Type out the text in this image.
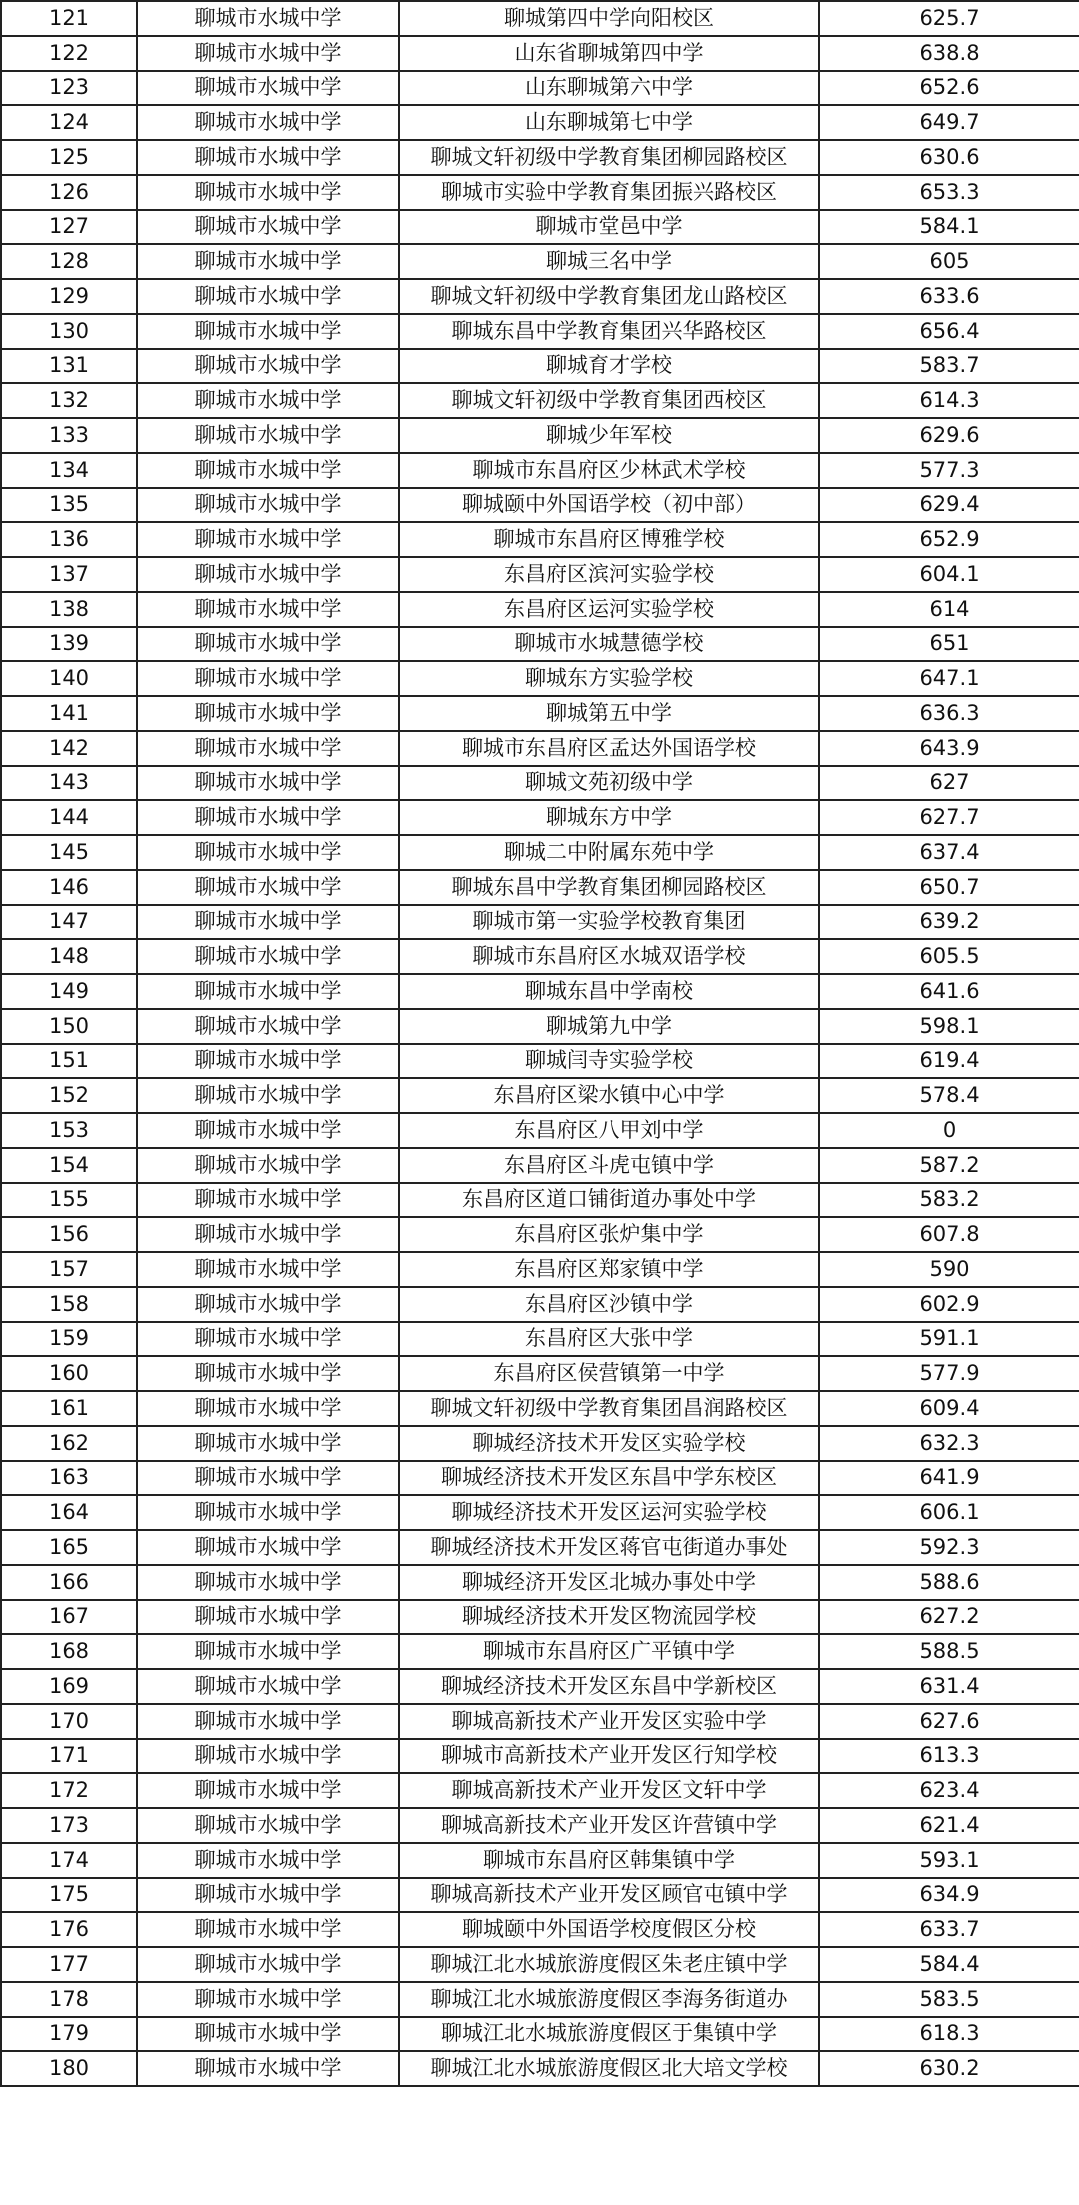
121	聊城市水城中学	聊城第四中学向阳校区	625.7
122	聊城市水城中学	山东省聊城第四中学	638.8
123	聊城市水城中学	山东聊城第六中学	652.6
124	聊城市水城中学	山东聊城第七中学	649.7
125	聊城市水城中学	聊城文轩初级中学教育集团柳园路校区	630.6
126	聊城市水城中学	聊城市实验中学教育集团振兴路校区	653.3
127	聊城市水城中学	聊城市堂邑中学	584.1
128	聊城市水城中学	聊城三名中学	605
129	聊城市水城中学	聊城文轩初级中学教育集团龙山路校区	633.6
130	聊城市水城中学	聊城东昌中学教育集团兴华路校区	656.4
131	聊城市水城中学	聊城育才学校	583.7
132	聊城市水城中学	聊城文轩初级中学教育集团西校区	614.3
133	聊城市水城中学	聊城少年军校	629.6
134	聊城市水城中学	聊城市东昌府区少林武术学校	577.3
135	聊城市水城中学	聊城颐中外国语学校（初中部）	629.4
136	聊城市水城中学	聊城市东昌府区博雅学校	652.9
137	聊城市水城中学	东昌府区滨河实验学校	604.1
138	聊城市水城中学	东昌府区运河实验学校	614
139	聊城市水城中学	聊城市水城慧德学校	651
140	聊城市水城中学	聊城东方实验学校	647.1
141	聊城市水城中学	聊城第五中学	636.3
142	聊城市水城中学	聊城市东昌府区孟达外国语学校	643.9
143	聊城市水城中学	聊城文苑初级中学	627
144	聊城市水城中学	聊城东方中学	627.7
145	聊城市水城中学	聊城二中附属东苑中学	637.4
146	聊城市水城中学	聊城东昌中学教育集团柳园路校区	650.7
147	聊城市水城中学	聊城市第一实验学校教育集团	639.2
148	聊城市水城中学	聊城市东昌府区水城双语学校	605.5
149	聊城市水城中学	聊城东昌中学南校	641.6
150	聊城市水城中学	聊城第九中学	598.1
151	聊城市水城中学	聊城闫寺实验学校	619.4
152	聊城市水城中学	东昌府区梁水镇中心中学	578.4
153	聊城市水城中学	东昌府区八甲刘中学	0
154	聊城市水城中学	东昌府区斗虎屯镇中学	587.2
155	聊城市水城中学	东昌府区道口铺街道办事处中学	583.2
156	聊城市水城中学	东昌府区张炉集中学	607.8
157	聊城市水城中学	东昌府区郑家镇中学	590
158	聊城市水城中学	东昌府区沙镇中学	602.9
159	聊城市水城中学	东昌府区大张中学	591.1
160	聊城市水城中学	东昌府区侯营镇第一中学	577.9
161	聊城市水城中学	聊城文轩初级中学教育集团昌润路校区	609.4
162	聊城市水城中学	聊城经济技术开发区实验学校	632.3
163	聊城市水城中学	聊城经济技术开发区东昌中学东校区	641.9
164	聊城市水城中学	聊城经济技术开发区运河实验学校	606.1
165	聊城市水城中学	聊城经济技术开发区蒋官屯街道办事处	592.3
166	聊城市水城中学	聊城经济开发区北城办事处中学	588.6
167	聊城市水城中学	聊城经济技术开发区物流园学校	627.2
168	聊城市水城中学	聊城市东昌府区广平镇中学	588.5
169	聊城市水城中学	聊城经济技术开发区东昌中学新校区	631.4
170	聊城市水城中学	聊城高新技术产业开发区实验中学	627.6
171	聊城市水城中学	聊城市高新技术产业开发区行知学校	613.3
172	聊城市水城中学	聊城高新技术产业开发区文轩中学	623.4
173	聊城市水城中学	聊城高新技术产业开发区许营镇中学	621.4
174	聊城市水城中学	聊城市东昌府区韩集镇中学	593.1
175	聊城市水城中学	聊城高新技术产业开发区顾官屯镇中学	634.9
176	聊城市水城中学	聊城颐中外国语学校度假区分校	633.7
177	聊城市水城中学	聊城江北水城旅游度假区朱老庄镇中学	584.4
178	聊城市水城中学	聊城江北水城旅游度假区李海务街道办	583.5
179	聊城市水城中学	聊城江北水城旅游度假区于集镇中学	618.3
180	聊城市水城中学	聊城江北水城旅游度假区北大培文学校	630.2
